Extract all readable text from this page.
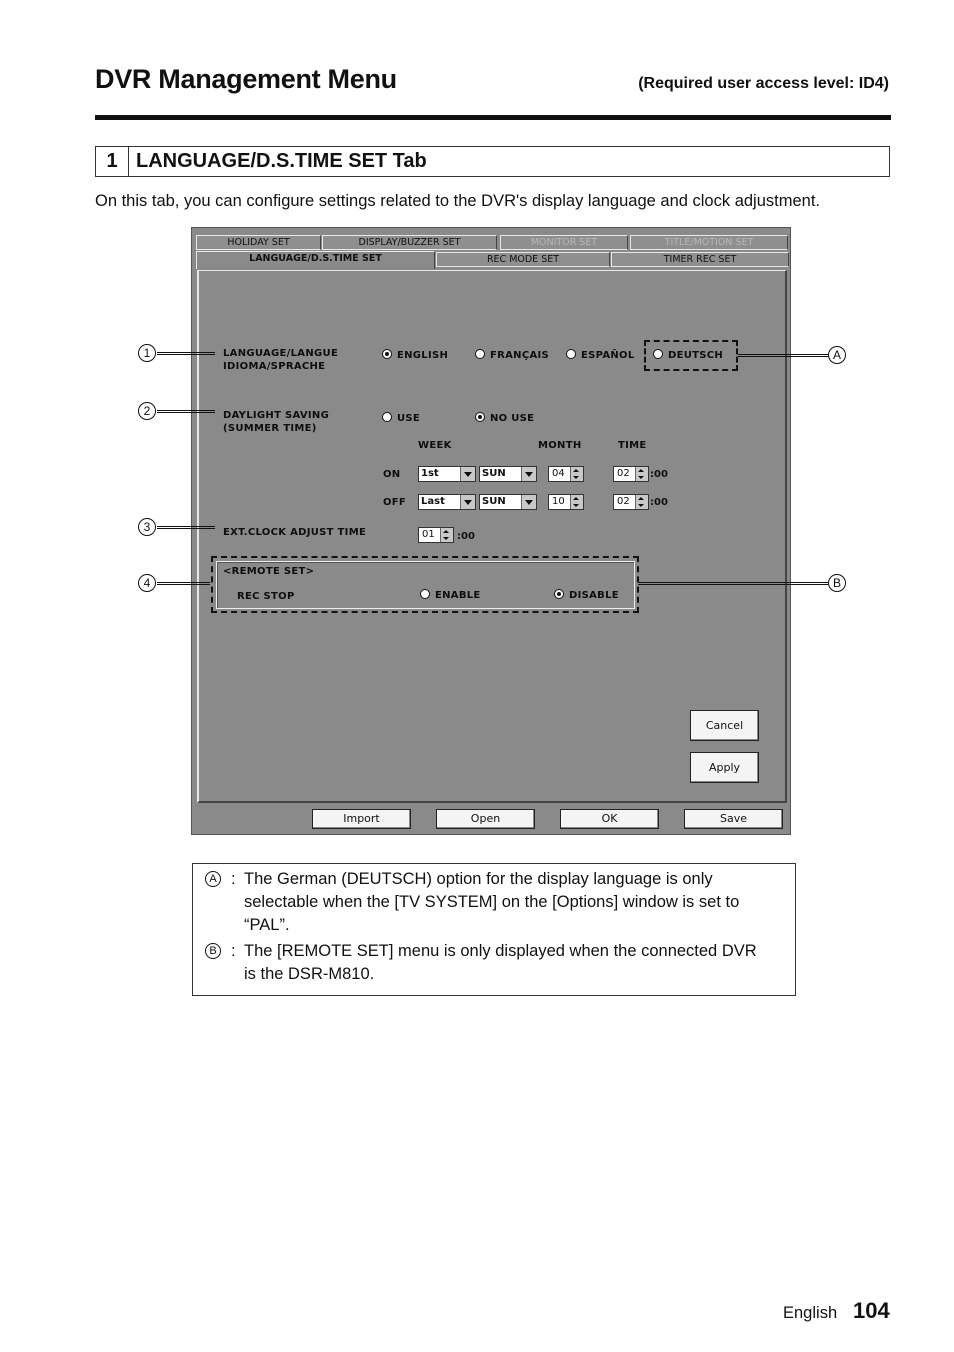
DVR Management Menu	(Required user access level: ID4)
1 LANGUAGE/D.S.TIME SET Tab
On this tab, you can configure settings related to the DVR's display language and clock adjustment.
HOLIDAY SET	DISPLAY/BUZZER SET	MONITOR SET	TITLE/MOTION SET
REC MODE SET	TIMER REC SET
LANGUAGE/D.S.TIME SET
LANGUAGE/LANGUE
IDIOMA/SPRACHE
ENGLISH	FRANÇAIS	ESPAÑOL	DEUTSCH
DAYLIGHT SAVING
(SUMMER TIME)
USE	NO USE
WEEK	MONTH	TIME
ON	1st	SUN	04	02	:00
OFF	Last	SUN	10	02	:00
EXT.CLOCK ADJUST TIME	01	:00
<REMOTE SET>
REC STOP	ENABLE	DISABLE
Cancel
Apply
Import	Open	OK	Save
1
2
3
4
A
B
A : The German (DEUTSCH) option for the display language is only selectable when the [TV SYSTEM] on the [Options] window is set to “PAL”.
B : The [REMOTE SET] menu is only displayed when the connected DVR is the DSR-M810.
English 104
